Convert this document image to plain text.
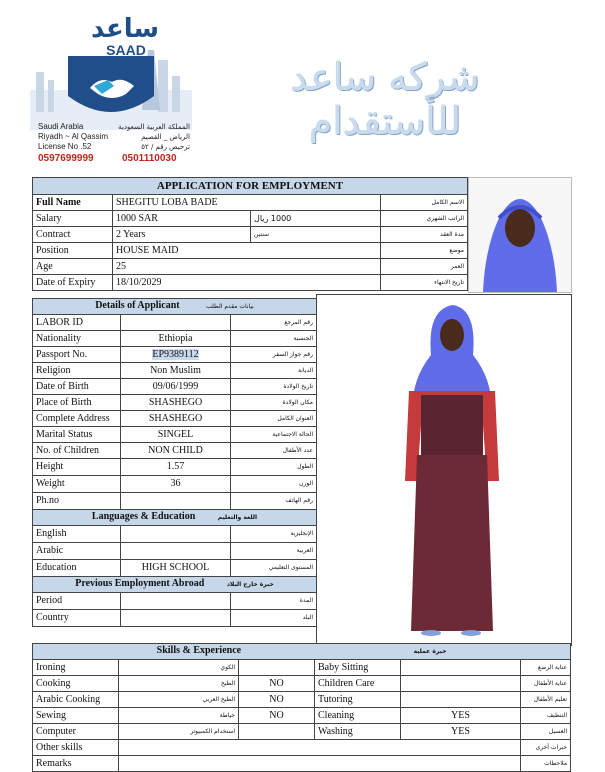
ساعد
SAAD
Saudi Arabia
Riyadh ~ Al Qassim
License No .52
المملكة العربية السعودية
الرياض _ القصيم
ترخيص رقم / ٥٢
0597699999	0501110030
شركه ساعد للأستقدام
APPLICATION FOR EMPLOYMENT			
Full Name	SHEGITU LOBA BADE		الاسم الكامل
Salary	1000 SAR	1000 ريال	الراتب الشهري
Contract	2 Years	سنتين	مدة العقد
Position	HOUSE MAID		موضع
Age	25		العمر
Date of Expiry	18/10/2029		تاريخ الانتهاء
Details of Applicant بيانات مقدم الطلب		
LABOR ID		رقم المرجع
Nationality	Ethiopia	الجنسية
Passport No.	EP9389112	رقم جواز السفر
Religion	Non Muslim	الديانة
Date of Birth	09/06/1999	تاريخ الولادة
Place of Birth	SHASHEGO	مكان الولادة
Complete Address	SHASHEGO	العنوان الكامل
Marital Status	SINGEL	الحالة الاجتماعية
No. of Children	NON CHILD	عدد الأطفال
Height	1.57	الطول
Weight	36	الوزن
Ph.no		رقم الهاتف
Languages & Education اللغة والتعليم		
English		الإنجليزية
Arabic		العربية
Education	HIGH SCHOOL	المستوى التعليمي
Previous Employment Abroad خبرة خارج البلاد		
Period		المدة
Country		البلد
Skills & Experience خبرة عملية					
Ironing	الكوي		Baby Sitting		عناية الرضع
Cooking	الطبخ	NO	Children Care		عناية الأطفال
Arabic Cooking	الطبخ العربي	NO	Tutoring		تعليم الأطفال
Sewing	خياطة	NO	Cleaning	YES	التنظيف
Computer	استخدام الكمبيوتر		Washing	YES	الغسيل
Other skills					خبرات أخرى
Remarks					ملاحظات
